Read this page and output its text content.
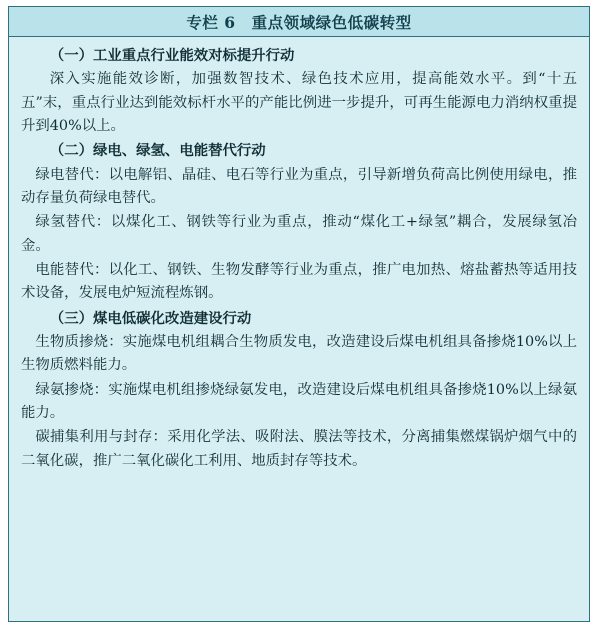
专栏 6　重点领域绿色低碳转型

（一）工业重点行业能效对标提升行动

深入实施能效诊断，加强数智技术、绿色技术应用，提高能效水平。到“十五五”末，重点行业达到能效标杆水平的产能比例进一步提升，可再生能源电力消纳权重提升到40%以上。

（二）绿电、绿氢、电能替代行动

绿电替代：以电解铝、晶硅、电石等行业为重点，引导新增负荷高比例使用绿电，推动存量负荷绿电替代。

绿氢替代：以煤化工、钢铁等行业为重点，推动“煤化工+绿氢”耦合，发展绿氢冶金。

电能替代：以化工、钢铁、生物发酵等行业为重点，推广电加热、熔盐蓄热等适用技术设备，发展电炉短流程炼钢。

（三）煤电低碳化改造建设行动

生物质掺烧：实施煤电机组耦合生物质发电，改造建设后煤电机组具备掺烧10%以上生物质燃料能力。

绿氨掺烧：实施煤电机组掺烧绿氨发电，改造建设后煤电机组具备掺烧10%以上绿氨能力。

碳捕集利用与封存：采用化学法、吸附法、膜法等技术，分离捕集燃煤锅炉烟气中的二氧化碳，推广二氧化碳化工利用、地质封存等技术。
